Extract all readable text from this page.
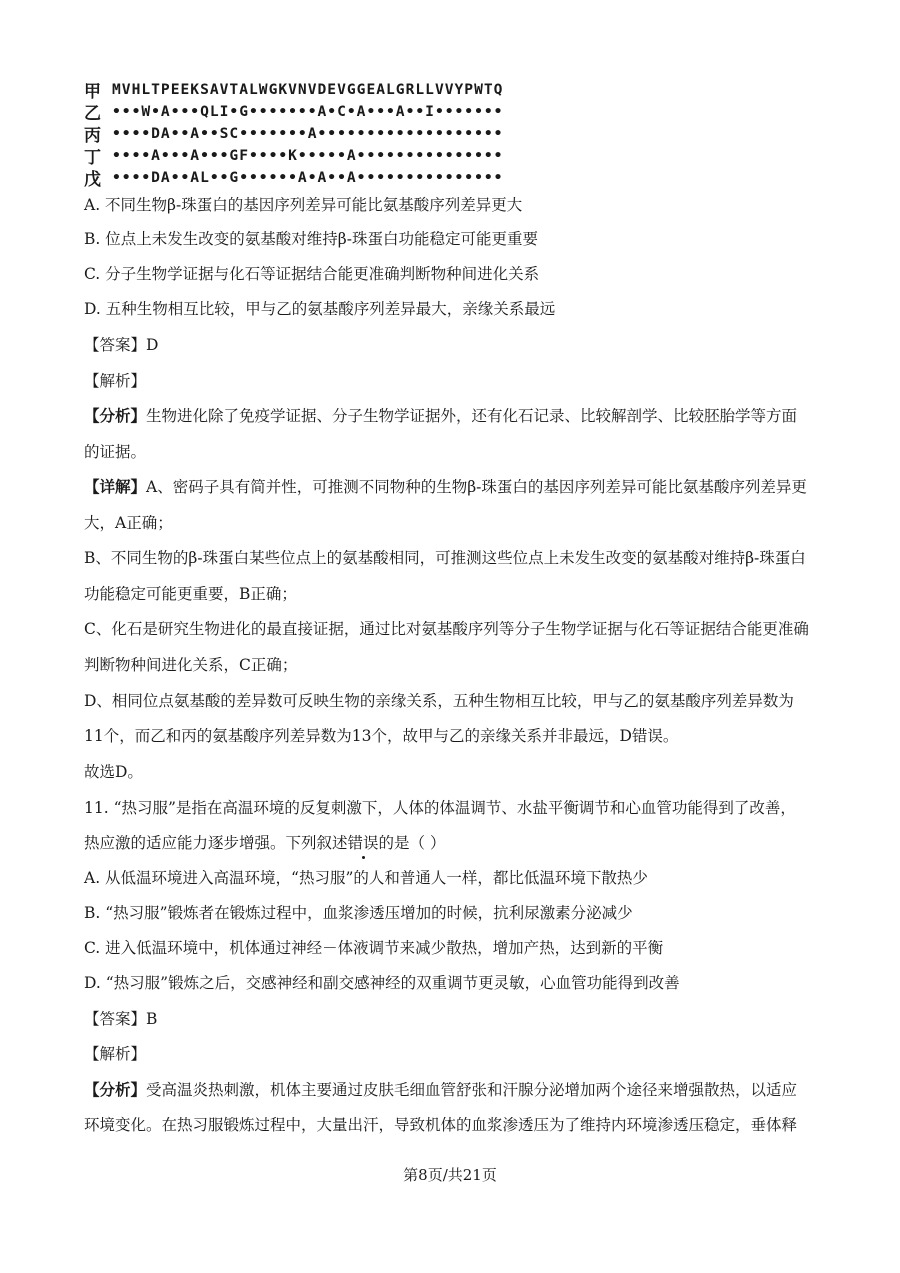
甲 MVHLTPEEKSAVTALWGKVNVDEVGGEALGRLLVVYPWTQ
乙 •••W•A•••QLI•G•••••••A•C•A•••A••I•••••••
丙 ••••DA••A••SC•••••••A•••••••••••••••••••
丁 ••••A•••A•••GF••••K•••••A•••••••••••••••
戊 ••••DA••AL••G••••••A•A••A•••••••••••••••
A. 不同生物β-珠蛋白的基因序列差异可能比氨基酸序列差异更大
B. 位点上未发生改变的氨基酸对维持β-珠蛋白功能稳定可能更重要
C. 分子生物学证据与化石等证据结合能更准确判断物种间进化关系
D. 五种生物相互比较，甲与乙的氨基酸序列差异最大，亲缘关系最远
【答案】D
【解析】
【分析】生物进化除了免疫学证据、分子生物学证据外，还有化石记录、比较解剖学、比较胚胎学等方面
的证据。
【详解】A、密码子具有简并性，可推测不同物种的生物β-珠蛋白的基因序列差异可能比氨基酸序列差异更
大，A正确；
B、不同生物的β-珠蛋白某些位点上的氨基酸相同，可推测这些位点上未发生改变的氨基酸对维持β-珠蛋白
功能稳定可能更重要，B正确；
C、化石是研究生物进化的最直接证据，通过比对氨基酸序列等分子生物学证据与化石等证据结合能更准确
判断物种间进化关系，C正确；
D、相同位点氨基酸的差异数可反映生物的亲缘关系，五种生物相互比较，甲与乙的氨基酸序列差异数为
11个，而乙和丙的氨基酸序列差异数为13个，故甲与乙的亲缘关系并非最远，D错误。
故选D。
11. “热习服”是指在高温环境的反复刺激下，人体的体温调节、水盐平衡调节和心血管功能得到了改善，
热应激的适应能力逐步增强。下列叙述错误的是（ ）
A. 从低温环境进入高温环境，“热习服”的人和普通人一样，都比低温环境下散热少
B. “热习服”锻炼者在锻炼过程中，血浆渗透压增加的时候，抗利尿激素分泌减少
C. 进入低温环境中，机体通过神经－体液调节来减少散热，增加产热，达到新的平衡
D. “热习服”锻炼之后，交感神经和副交感神经的双重调节更灵敏，心血管功能得到改善
【答案】B
【解析】
【分析】受高温炎热刺激，机体主要通过皮肤毛细血管舒张和汗腺分泌增加两个途径来增强散热，以适应
环境变化。在热习服锻炼过程中，大量出汗，导致机体的血浆渗透压为了维持内环境渗透压稳定，垂体释
第8页/共21页
